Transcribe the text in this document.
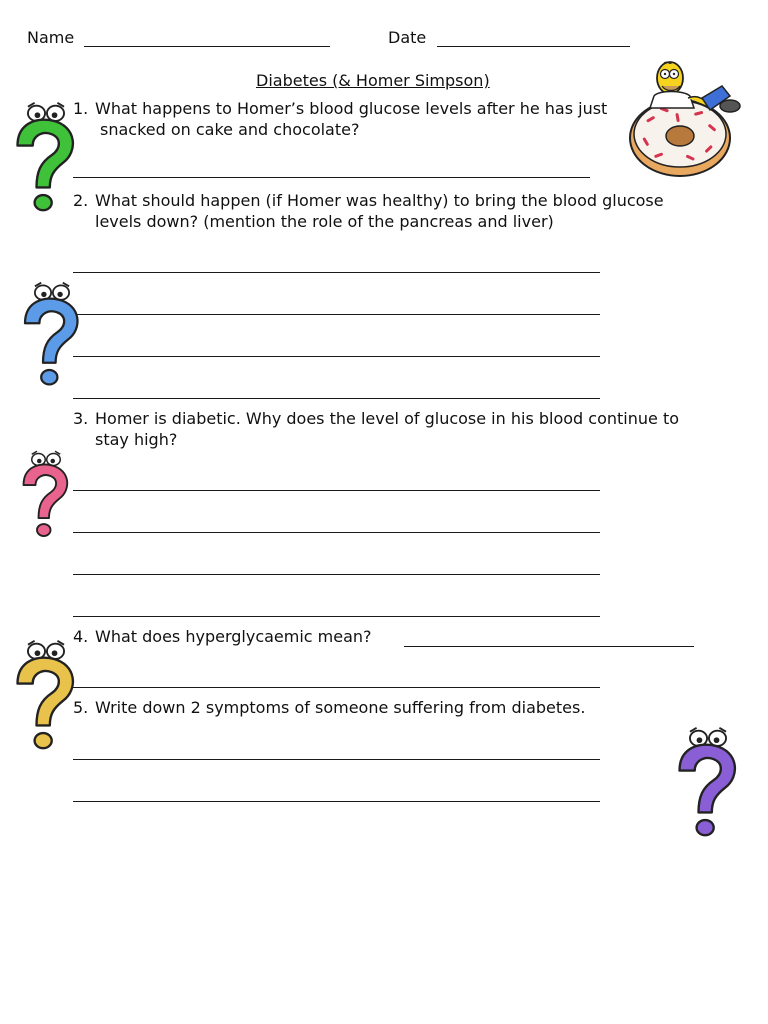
Name	Date
Diabetes (& Homer Simpson)
1. What happens to Homer’s blood glucose levels after he has just
snacked on cake and chocolate?
2. What should happen (if Homer was healthy) to bring the blood glucose
levels down? (mention the role of the pancreas and liver)
3. Homer is diabetic. Why does the level of glucose in his blood continue to
stay high?
4. What does hyperglycaemic mean?
5. Write down 2 symptoms of someone suffering from diabetes.
